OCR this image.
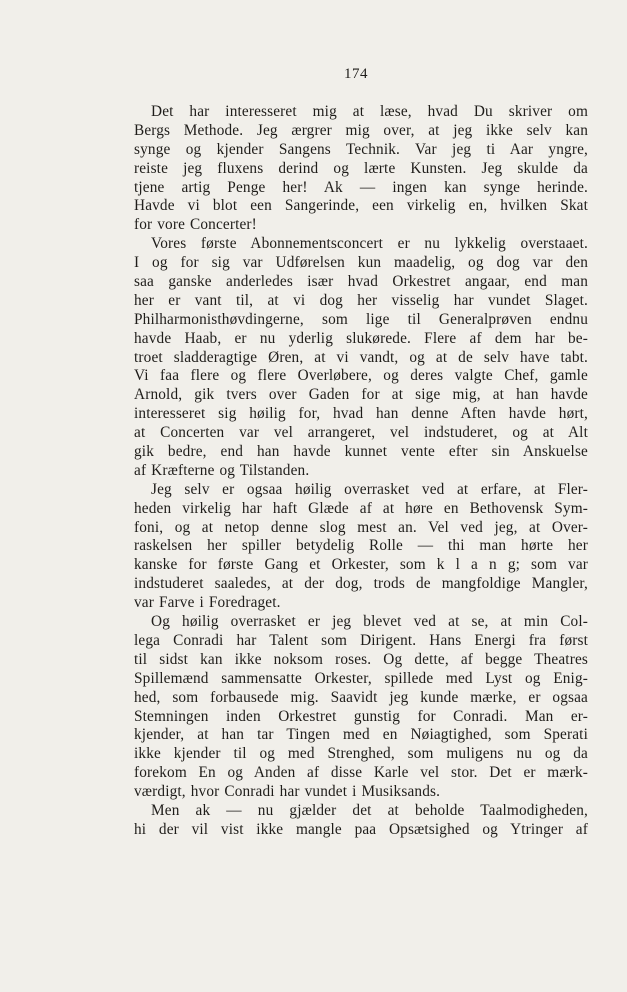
174
Det har interesseret mig at læse, hvad Du skriver om
Bergs Methode. Jeg ærgrer mig over, at jeg ikke selv kan
synge og kjender Sangens Technik. Var jeg ti Aar yngre,
reiste jeg fluxens derind og lærte Kunsten. Jeg skulde da
tjene artig Penge her! Ak — ingen kan synge herinde.
Havde vi blot een Sangerinde, een virkelig en, hvilken Skat
for vore Concerter!
Vores første Abonnementsconcert er nu lykkelig overstaaet.
I og for sig var Udførelsen kun maadelig, og dog var den
saa ganske anderledes især hvad Orkestret angaar, end man
her er vant til, at vi dog her visselig har vundet Slaget.
Philharmonisthøvdingerne, som lige til Generalprøven endnu
havde Haab, er nu yderlig slukørede. Flere af dem har be-
troet sladderagtige Øren, at vi vandt, og at de selv have tabt.
Vi faa flere og flere Overløbere, og deres valgte Chef, gamle
Arnold, gik tvers over Gaden for at sige mig, at han havde
interesseret sig høilig for, hvad han denne Aften havde hørt,
at Concerten var vel arrangeret, vel indstuderet, og at Alt
gik bedre, end han havde kunnet vente efter sin Anskuelse
af Kræfterne og Tilstanden.
Jeg selv er ogsaa høilig overrasket ved at erfare, at Fler-
heden virkelig har haft Glæde af at høre en Bethovensk Sym-
foni, og at netop denne slog mest an. Vel ved jeg, at Over-
raskelsen her spiller betydelig Rolle — thi man hørte her
kanske for første Gang et Orkester, som k l a n g; som var
indstuderet saaledes, at der dog, trods de mangfoldige Mangler,
var Farve i Foredraget.
Og høilig overrasket er jeg blevet ved at se, at min Col-
lega Conradi har Talent som Dirigent. Hans Energi fra først
til sidst kan ikke noksom roses. Og dette, af begge Theatres
Spillemænd sammensatte Orkester, spillede med Lyst og Enig-
hed, som forbausede mig. Saavidt jeg kunde mærke, er ogsaa
Stemningen inden Orkestret gunstig for Conradi. Man er-
kjender, at han tar Tingen med en Nøiagtighed, som Sperati
ikke kjender til og med Strenghed, som muligens nu og da
forekom En og Anden af disse Karle vel stor. Det er mærk-
værdigt, hvor Conradi har vundet i Musiksands.
Men ak — nu gjælder det at beholde Taalmodigheden,
hi der vil vist ikke mangle paa Opsætsighed og Ytringer af
